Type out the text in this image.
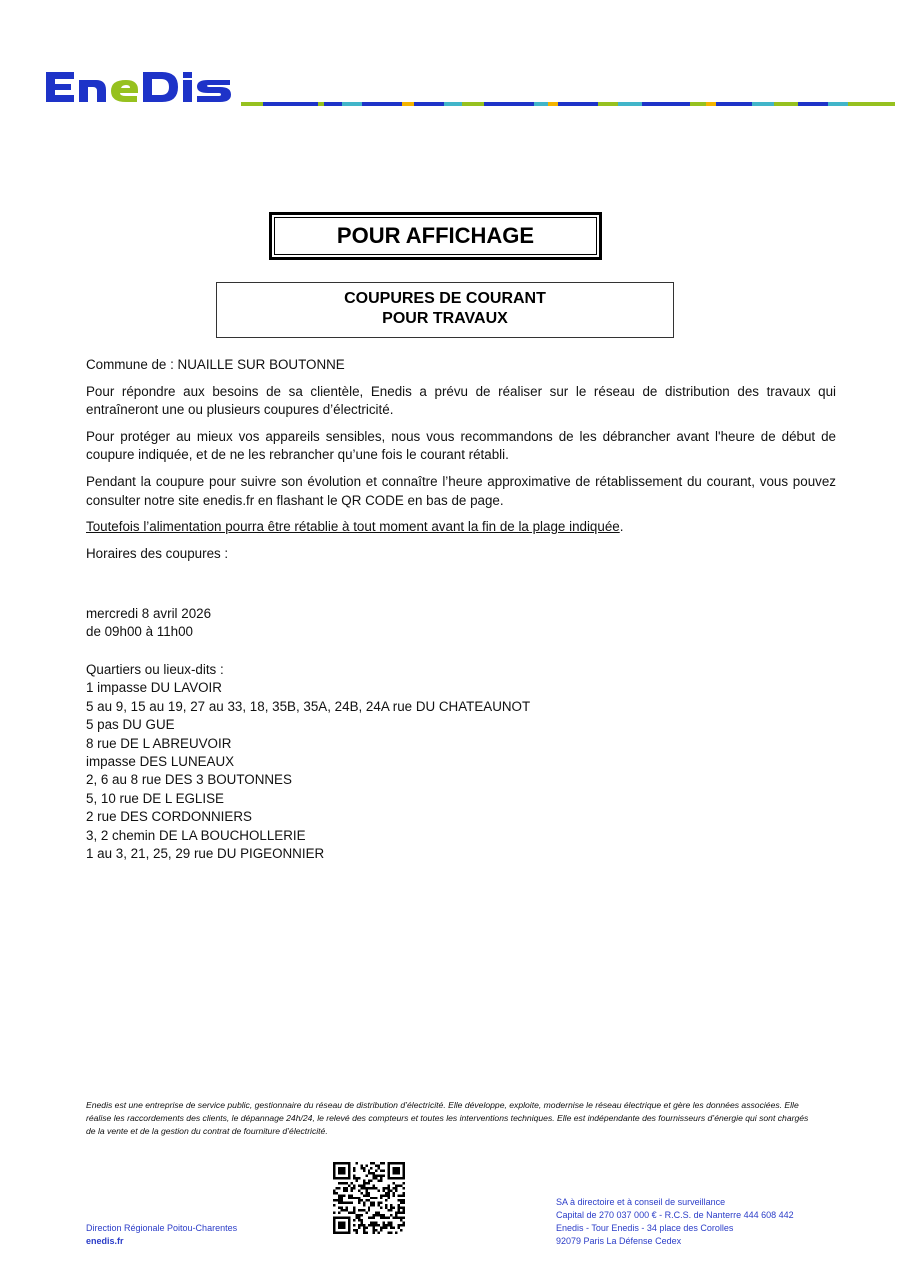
POUR AFFICHAGE
COUPURES DE COURANT
POUR TRAVAUX

Commune de : NUAILLE SUR BOUTONNE

Pour répondre aux besoins de sa clientèle, Enedis a prévu de réaliser sur le réseau de distribution des travaux qui entraîneront une ou plusieurs coupures d’électricité.

Pour protéger au mieux vos appareils sensibles, nous vous recommandons de les débrancher avant l'heure de début de coupure indiquée, et de ne les rebrancher qu’une fois le courant rétabli.

Pendant la coupure pour suivre son évolution et connaître l’heure approximative de rétablissement du courant, vous pouvez consulter notre site enedis.fr en flashant le QR CODE en bas de page.

Toutefois l’alimentation pourra être rétablie à tout moment avant la fin de la plage indiquée.

Horaires des coupures :

mercredi 8 avril 2026
de 09h00 à 11h00
Quartiers ou lieux-dits :
1 impasse DU LAVOIR
5 au 9, 15 au 19, 27 au 33, 18, 35B, 35A, 24B, 24A rue DU CHATEAUNOT
5 pas DU GUE
8 rue DE L ABREUVOIR
impasse DES LUNEAUX
2, 6 au 8 rue DES 3 BOUTONNES
5, 10 rue DE L EGLISE
2 rue DES CORDONNIERS
3, 2 chemin DE LA BOUCHOLLERIE
1 au 3, 21, 25, 29 rue DU PIGEONNIER
Enedis est une entreprise de service public, gestionnaire du réseau de distribution d’électricité. Elle développe, exploite, modernise le réseau électrique et gère les données associées. Elle réalise les raccordements des clients, le dépannage 24h/24, le relevé des compteurs et toutes les interventions techniques. Elle est indépendante des fournisseurs d’énergie qui sont chargés de la vente et de la gestion du contrat de fourniture d’électricité.
Direction Régionale Poitou-Charentes
enedis.fr
SA à directoire et à conseil de surveillance
Capital de 270 037 000 € - R.C.S. de Nanterre 444 608 442
Enedis - Tour Enedis - 34 place des Corolles
92079 Paris La Défense Cedex
